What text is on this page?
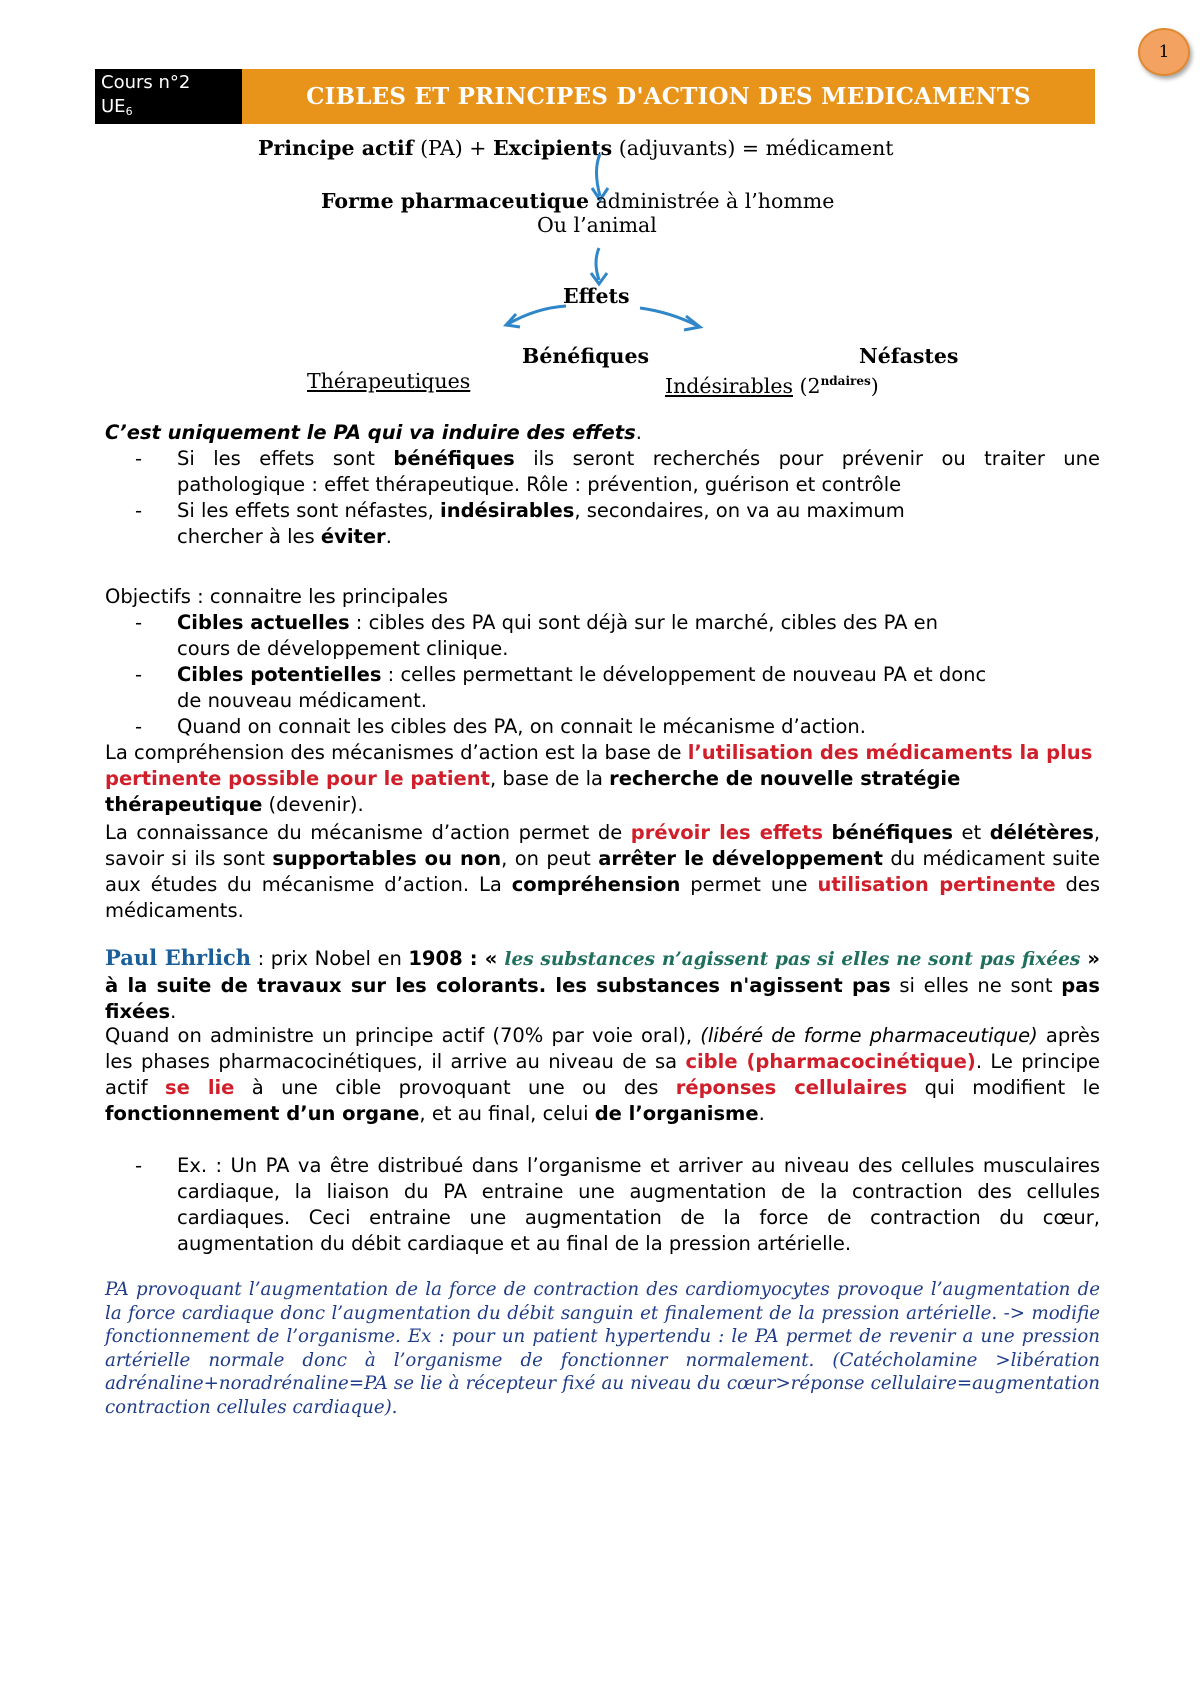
1
Cours n°2
$UE_6$
CIBLES ET PRINCIPES D'ACTION DES MEDICAMENTS
Principe actif (PA) + Excipients (adjuvants) = médicament
Forme pharmaceutique administrée à l’homme
Ou l’animal
Effets
Bénéfiques	Néfastes
Thérapeutiques	Indésirables $(2^{ndaires})$

C’est uniquement le PA qui va induire des effets.

- Si les effets sont bénéfiques ils seront recherchés pour prévenir ou traiter une
pathologique : effet thérapeutique. Rôle : prévention, guérison et contrôle
- Si les effets sont néfastes, indésirables, secondaires, on va au maximum
chercher à les éviter.

Objectifs : connaitre les principales

- Cibles actuelles : cibles des PA qui sont déjà sur le marché, cibles des PA en
cours de développement clinique.
- Cibles potentielles : celles permettant le développement de nouveau PA et donc
de nouveau médicament.
- Quand on connait les cibles des PA, on connait le mécanisme d’action.

La compréhension des mécanismes d’action est la base de l’utilisation des médicaments la plus pertinente possible pour le patient, base de la recherche de nouvelle stratégie thérapeutique (devenir).

La connaissance du mécanisme d’action permet de prévoir les effets bénéfiques et délétères, savoir si ils sont supportables ou non, on peut arrêter le développement du médicament suite aux études du mécanisme d’action. La compréhension permet une utilisation pertinente des médicaments.
Paul Ehrlich : prix Nobel en 1908 : « les substances n’agissent pas si elles ne sont pas fixées » à la suite de travaux sur les colorants. les substances n'agissent pas si elles ne sont pas fixées.
Quand on administre un principe actif (70% par voie oral), (libéré de forme pharmaceutique) après les phases pharmacocinétiques, il arrive au niveau de sa cible (pharmacocinétique). Le principe actif se lie à une cible provoquant une ou des réponses cellulaires qui modifient le fonctionnement d’un organe, et au final, celui de l’organisme.
- Ex. : Un PA va être distribué dans l’organisme et arriver au niveau des cellules musculaires cardiaque, la liaison du PA entraine une augmentation de la contraction des cellules cardiaques. Ceci entraine une augmentation de la force de contraction du cœur, augmentation du débit cardiaque et au final de la pression artérielle.
PA provoquant l’augmentation de la force de contraction des cardiomyocytes provoque l’augmentation de la force cardiaque donc l’augmentation du débit sanguin et finalement de la pression artérielle. -> modifie fonctionnement de l’organisme. Ex : pour un patient hypertendu : le PA permet de revenir a une pression artérielle normale donc à l’organisme de fonctionner normalement. (Catécholamine >libération adrénaline+noradrénaline=PA se lie à récepteur fixé au niveau du cœur>réponse cellulaire=augmentation contraction cellules cardiaque).
